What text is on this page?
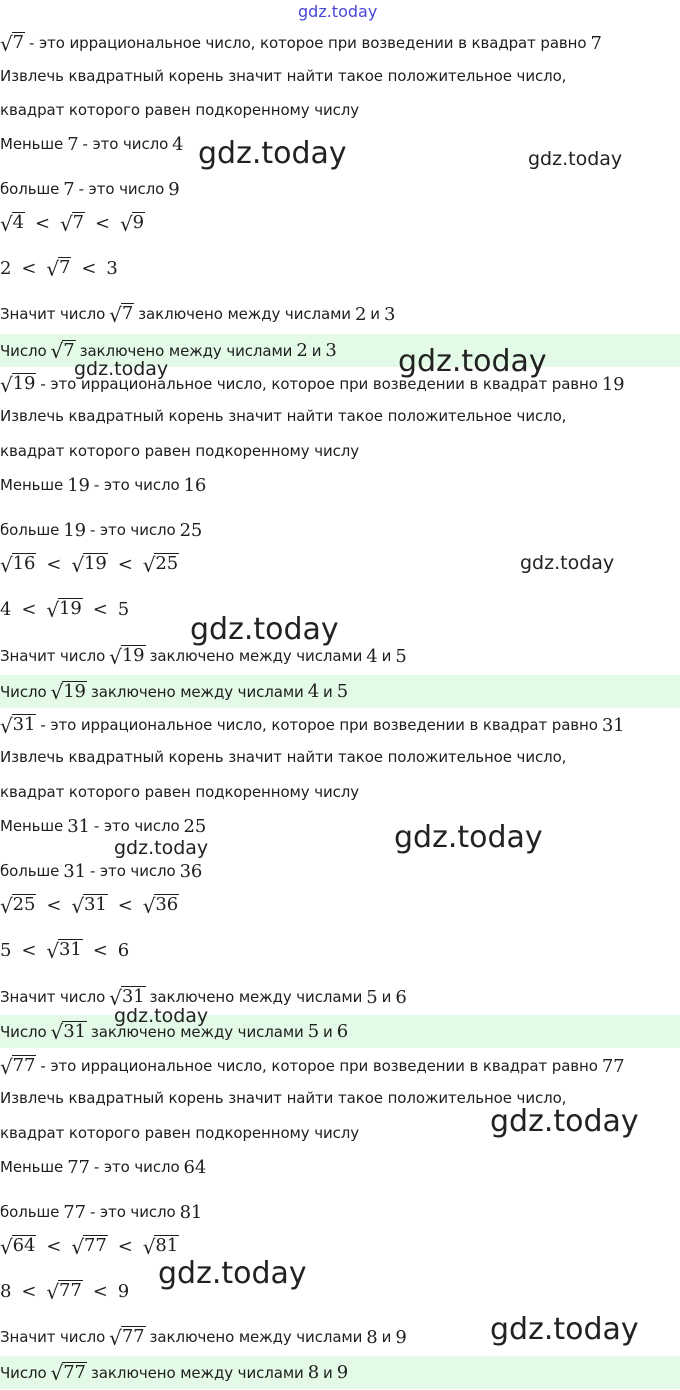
√ 7 - это иррациональное число, которое при возведении в квадрат равно 7
Извлечь квадратный корень значит найти такое положительное число,
квадрат которого равен подкоренному числу
Меньше 7 - это число 4
больше 7 - это число 9
√ 4 < √ 7 < √ 9
2 < √ 7 < 3
Значит число √ 7 заключено между числами 2 и 3
Число √ 7 заключено между числами 2 и 3
√ 19 - это иррациональное число, которое при возведении в квадрат равно 19
Извлечь квадратный корень значит найти такое положительное число,
квадрат которого равен подкоренному числу
Меньше 19 - это число 16
больше 19 - это число 25
√ 16 < √ 19 < √ 25
4 < √ 19 < 5
Значит число √ 19 заключено между числами 4 и 5
Число √ 19 заключено между числами 4 и 5
√ 31 - это иррациональное число, которое при возведении в квадрат равно 31
Извлечь квадратный корень значит найти такое положительное число,
квадрат которого равен подкоренному числу
Меньше 31 - это число 25
больше 31 - это число 36
√ 25 < √ 31 < √ 36
5 < √ 31 < 6
Значит число √ 31 заключено между числами 5 и 6
Число √ 31 заключено между числами 5 и 6
√ 77 - это иррациональное число, которое при возведении в квадрат равно 77
Извлечь квадратный корень значит найти такое положительное число,
квадрат которого равен подкоренному числу
Меньше 77 - это число 64
больше 77 - это число 81
√ 64 < √ 77 < √ 81
8 < √ 77 < 9
Значит число √ 77 заключено между числами 8 и 9
Число √ 77 заключено между числами 8 и 9
gdz.today
gdz.today	gdz.today
gdz.today
gdz.today
gdz.today
gdz.today
gdz.today
gdz.today
gdz.today
gdz.today
gdz.today
gdz.today
